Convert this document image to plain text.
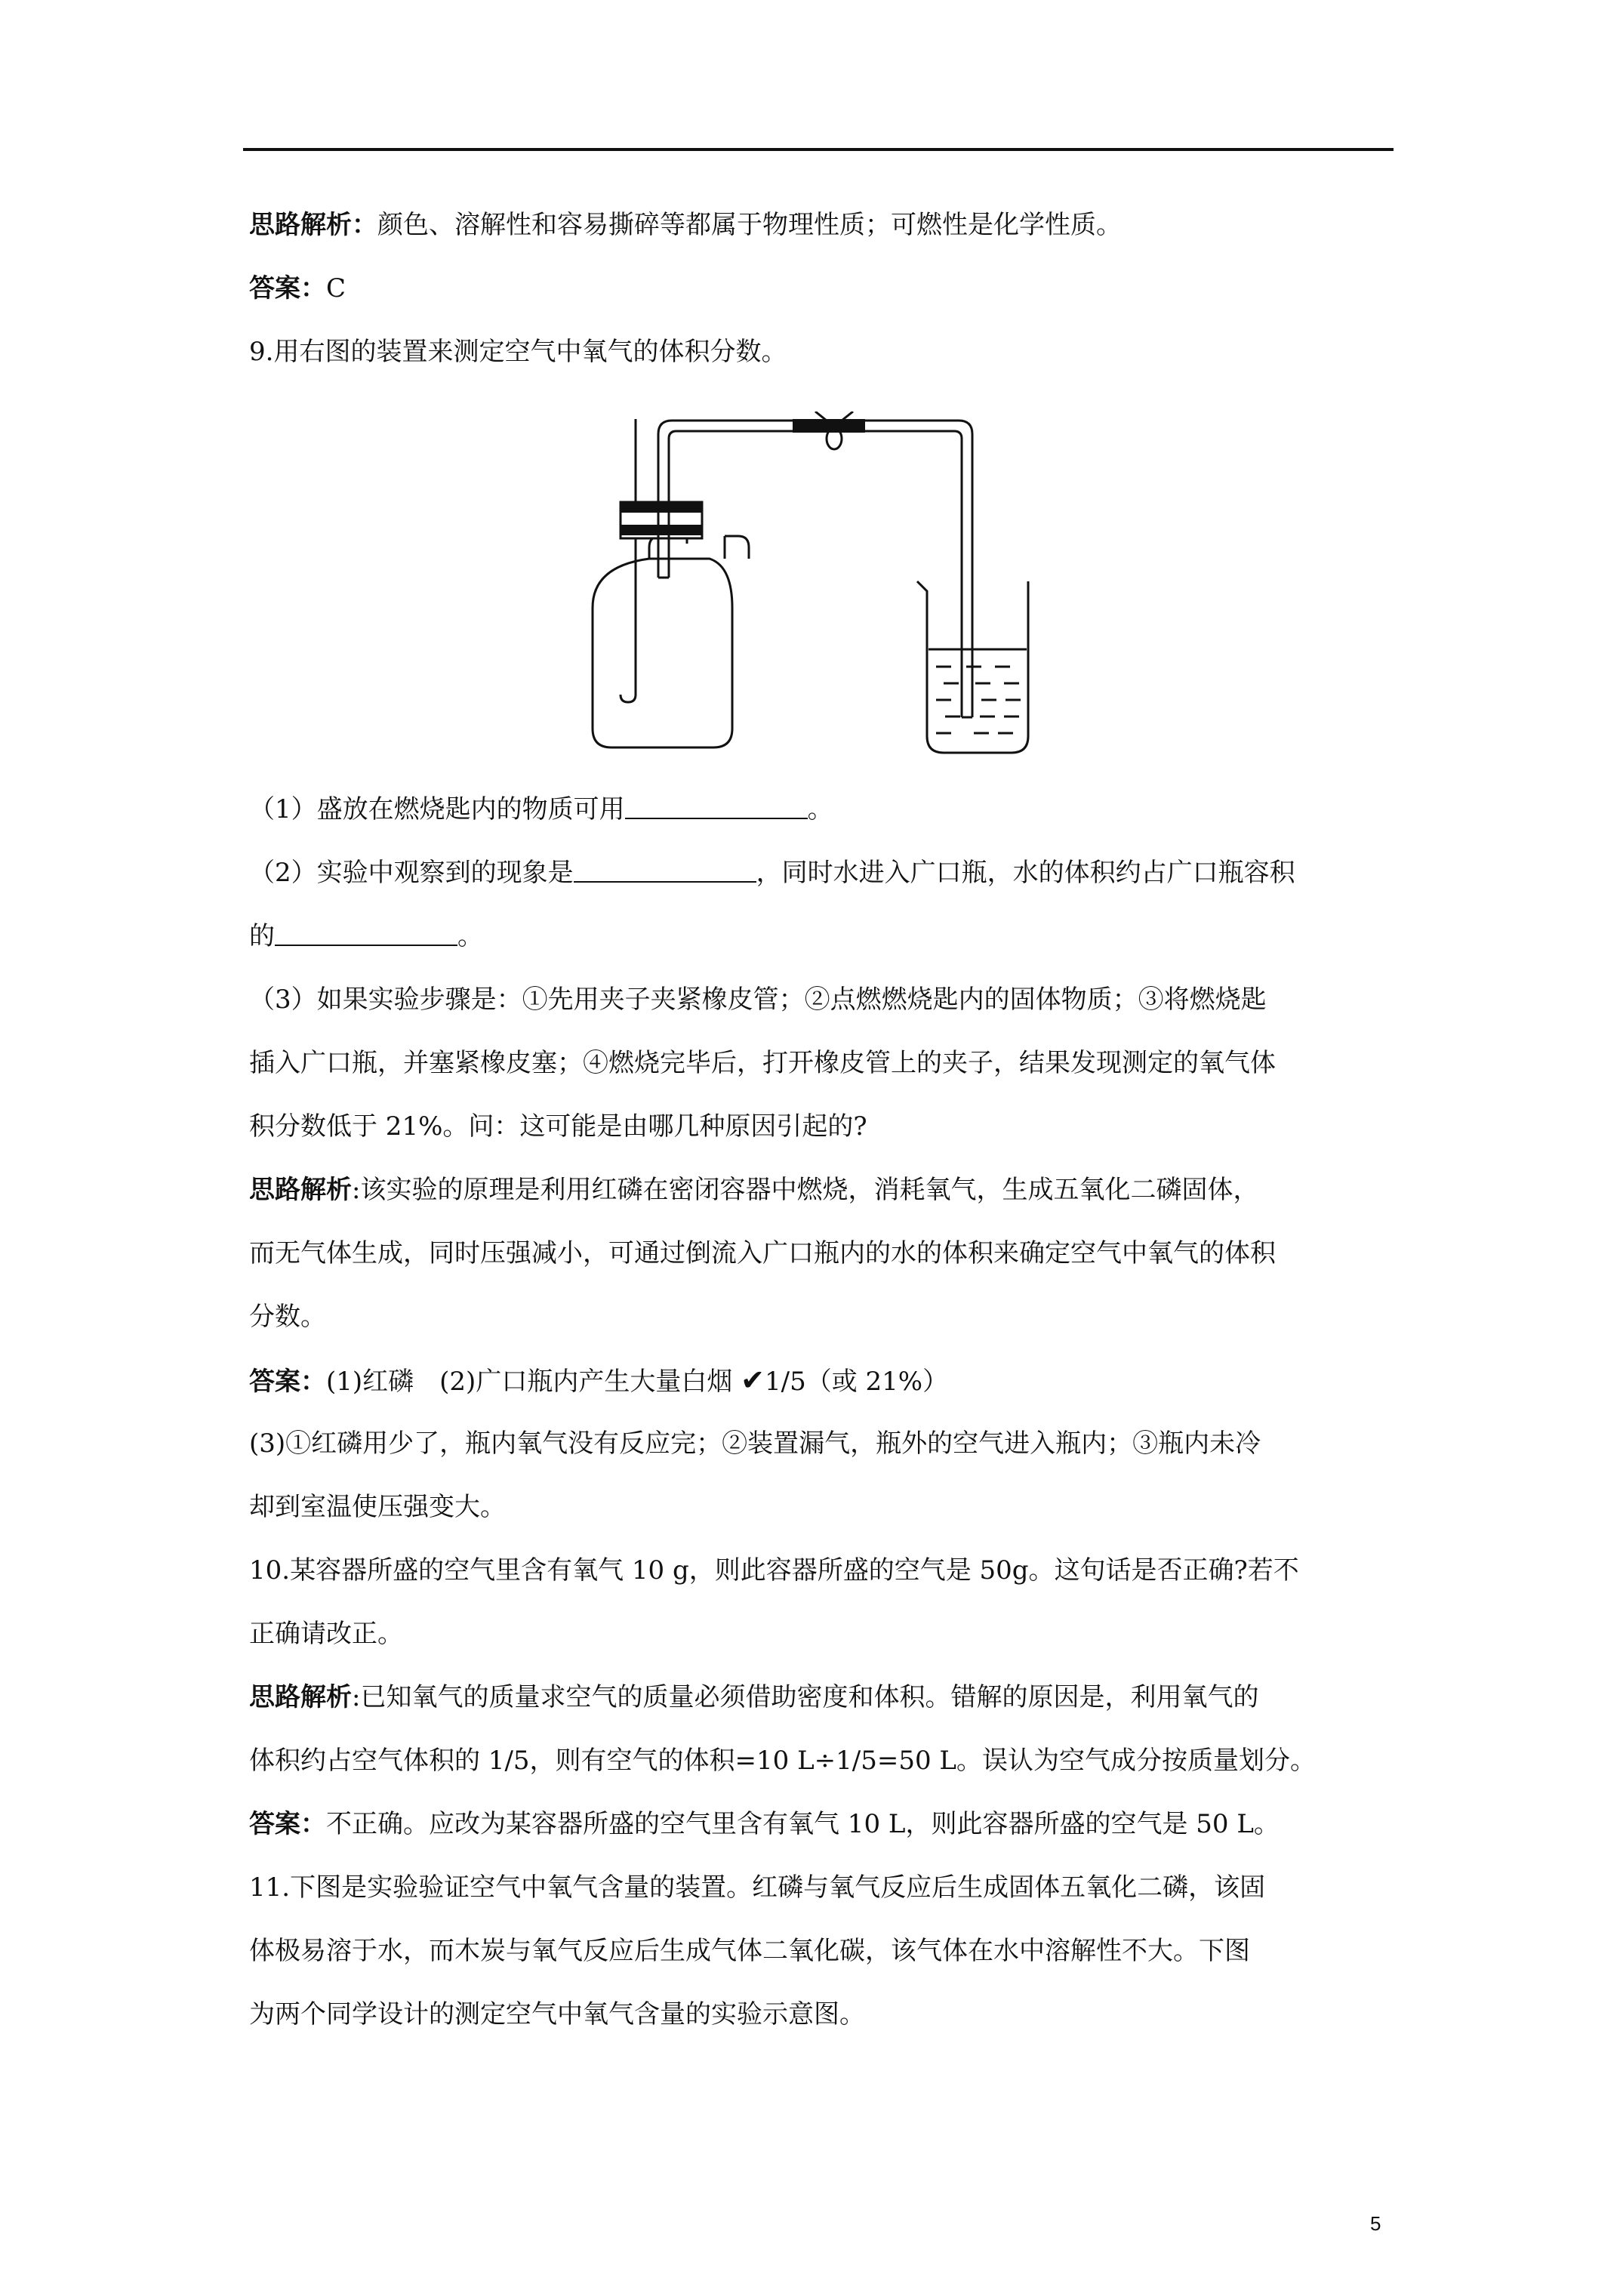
思路解析：颜色、溶解性和容易撕碎等都属于物理性质；可燃性是化学性质。
答案：C
9.用右图的装置来测定空气中氧气的体积分数。
（1）盛放在燃烧匙内的物质可用	。
（2）实验中观察到的现象是	，同时水进入广口瓶，水的体积约占广口瓶容积
的	。
（3）如果实验步骤是：①先用夹子夹紧橡皮管；②点燃燃烧匙内的固体物质；③将燃烧匙
插入广口瓶，并塞紧橡皮塞；④燃烧完毕后，打开橡皮管上的夹子，结果发现测定的氧气体
积分数低于 21%。问：这可能是由哪几种原因引起的?
思路解析:该实验的原理是利用红磷在密闭容器中燃烧，消耗氧气，生成五氧化二磷固体，
而无气体生成，同时压强减小，可通过倒流入广口瓶内的水的体积来确定空气中氧气的体积
分数。
答案：(1)红磷　(2)广口瓶内产生大量白烟 ✔1/5（或 21%）
(3)①红磷用少了，瓶内氧气没有反应完；②装置漏气，瓶外的空气进入瓶内；③瓶内未冷
却到室温使压强变大。
10.某容器所盛的空气里含有氧气 10 g，则此容器所盛的空气是 50g。这句话是否正确?若不
正确请改正。
思路解析:已知氧气的质量求空气的质量必须借助密度和体积。错解的原因是，利用氧气的
体积约占空气体积的 1/5，则有空气的体积=10 L÷1/5=50 L。误认为空气成分按质量划分。
答案：不正确。应改为某容器所盛的空气里含有氧气 10 L，则此容器所盛的空气是 50 L。
11.下图是实验验证空气中氧气含量的装置。红磷与氧气反应后生成固体五氧化二磷，该固
体极易溶于水，而木炭与氧气反应后生成气体二氧化碳，该气体在水中溶解性不大。下图
为两个同学设计的测定空气中氧气含量的实验示意图。
5
